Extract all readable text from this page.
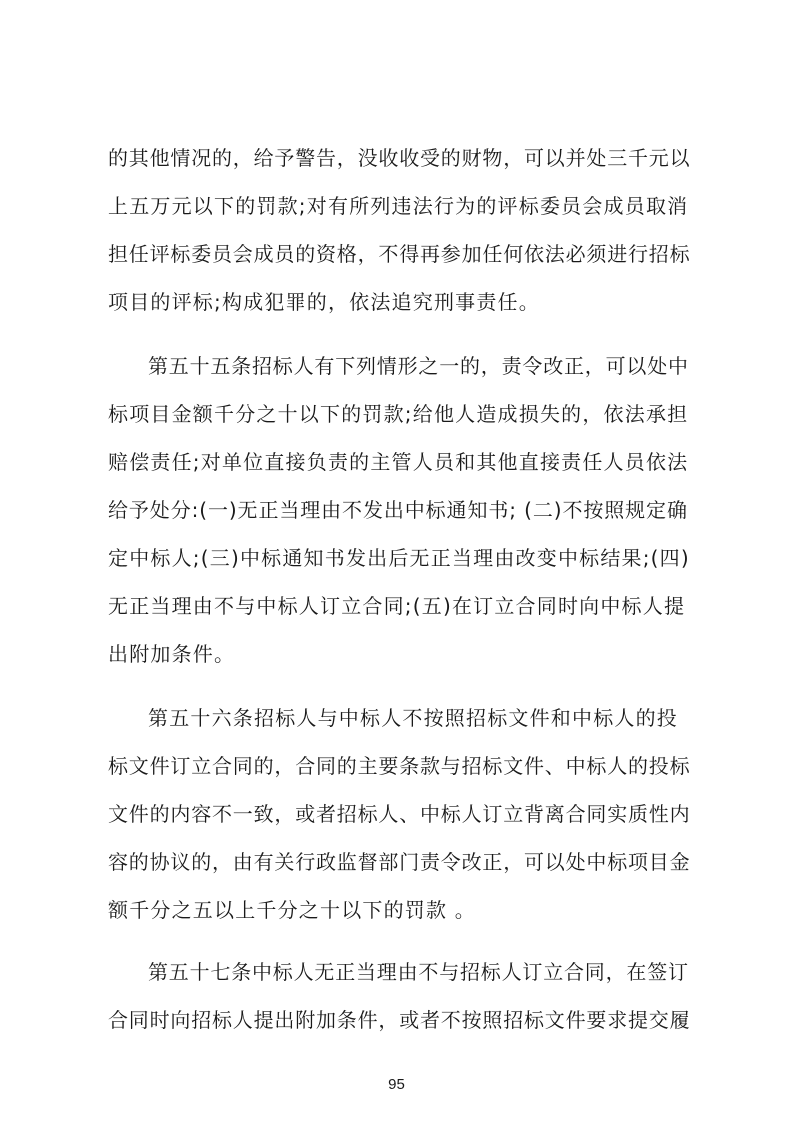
的其他情况的，给予警告，没收收受的财物，可以并处三千元以
上五万元以下的罚款;对有所列违法行为的评标委员会成员取消
担任评标委员会成员的资格，不得再参加任何依法必须进行招标
项目的评标;构成犯罪的，依法追究刑事责任。
第五十五条招标人有下列情形之一的，责令改正，可以处中
标项目金额千分之十以下的罚款;给他人造成损失的，依法承担
赔偿责任;对单位直接负责的主管人员和其他直接责任人员依法
给予处分:(一)无正当理由不发出中标通知书; (二)不按照规定确
定中标人;(三)中标通知书发出后无正当理由改变中标结果;(四)
无正当理由不与中标人订立合同;(五)在订立合同时向中标人提
出附加条件。
第五十六条招标人与中标人不按照招标文件和中标人的投
标文件订立合同的，合同的主要条款与招标文件、中标人的投标
文件的内容不一致，或者招标人、中标人订立背离合同实质性内
容的协议的，由有关行政监督部门责令改正，可以处中标项目金
额千分之五以上千分之十以下的罚款 。
第五十七条中标人无正当理由不与招标人订立合同，在签订
合同时向招标人提出附加条件，或者不按照招标文件要求提交履
95
